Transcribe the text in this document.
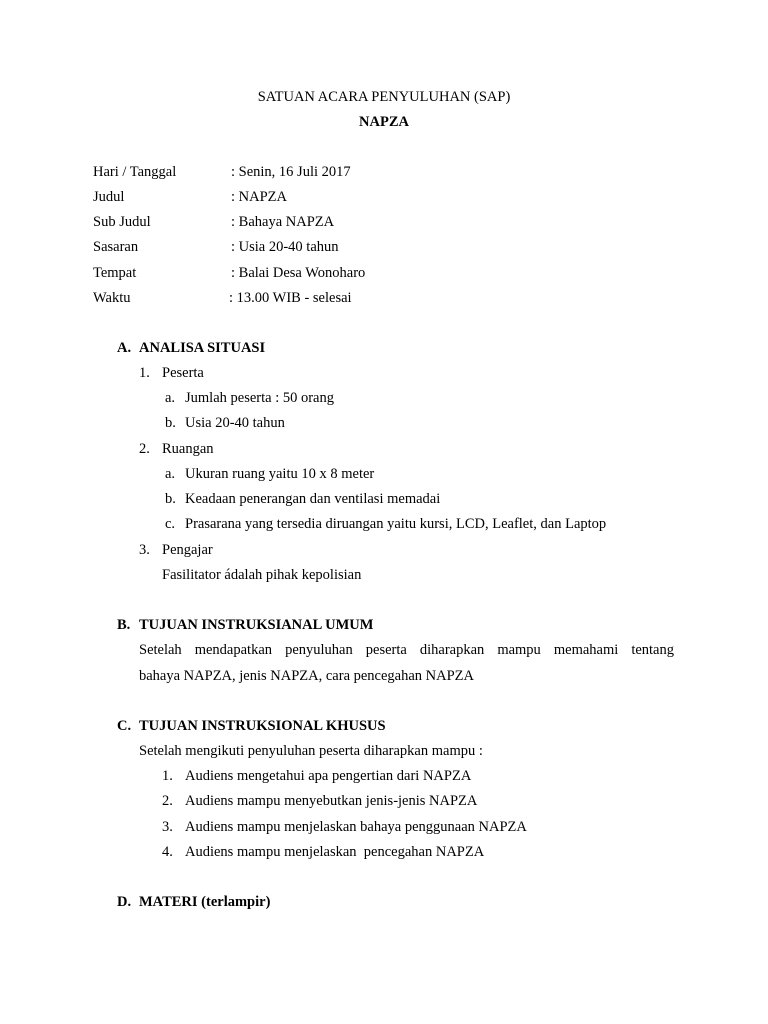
SATUAN ACARA PENYULUHAN (SAP)
NAPZA
Hari / Tanggal	: Senin, 16 Juli 2017
Judul	: NAPZA
Sub Judul	: Bahaya NAPZA
Sasaran	: Usia 20-40 tahun
Tempat	: Balai Desa Wonoharo
Waktu	: 13.00 WIB - selesai
A. ANALISA SITUASI
1. Peserta
a. Jumlah peserta : 50 orang
b. Usia 20-40 tahun
2. Ruangan
a. Ukuran ruang yaitu 10 x 8 meter
b. Keadaan penerangan dan ventilasi memadai
c. Prasarana yang tersedia diruangan yaitu kursi, LCD, Leaflet, dan Laptop
3. Pengajar
Fasilitator ádalah pihak kepolisian
B. TUJUAN INSTRUKSIANAL UMUM
Setelah mendapatkan penyuluhan peserta diharapkan mampu memahami tentang
bahaya NAPZA, jenis NAPZA, cara pencegahan NAPZA
C. TUJUAN INSTRUKSIONAL KHUSUS
Setelah mengikuti penyuluhan peserta diharapkan mampu :
1. Audiens mengetahui apa pengertian dari NAPZA
2. Audiens mampu menyebutkan jenis-jenis NAPZA
3. Audiens mampu menjelaskan bahaya penggunaan NAPZA
4. Audiens mampu menjelaskan  pencegahan NAPZA
D. MATERI (terlampir)
